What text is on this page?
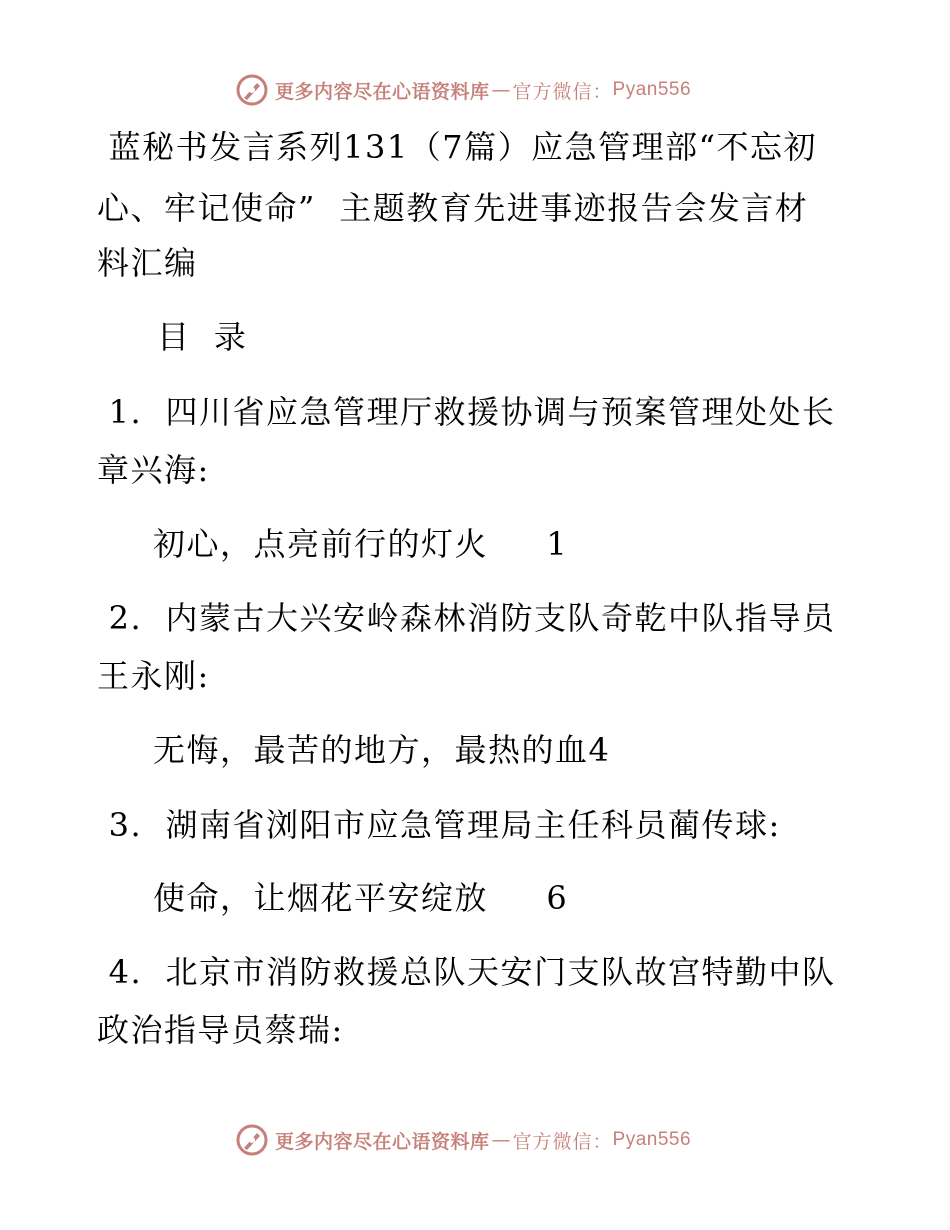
更多内容尽在心语资料库 — 官方微信： Pyan556
蓝秘书发言系列131（7篇）应急管理部“不忘初
心、牢记使命”  主题教育先进事迹报告会发言材
料汇编
目  录
1.  四川省应急管理厅救援协调与预案管理处处长
章兴海:
初心，点亮前行的灯火     1
2.  内蒙古大兴安岭森林消防支队奇乾中队指导员
王永刚:
无悔，最苦的地方，最热的血4
3.  湖南省浏阳市应急管理局主任科员蔺传球:
使命，让烟花平安绽放     6
4.  北京市消防救援总队天安门支队故宫特勤中队
政治指导员蔡瑞:
更多内容尽在心语资料库 — 官方微信： Pyan556
